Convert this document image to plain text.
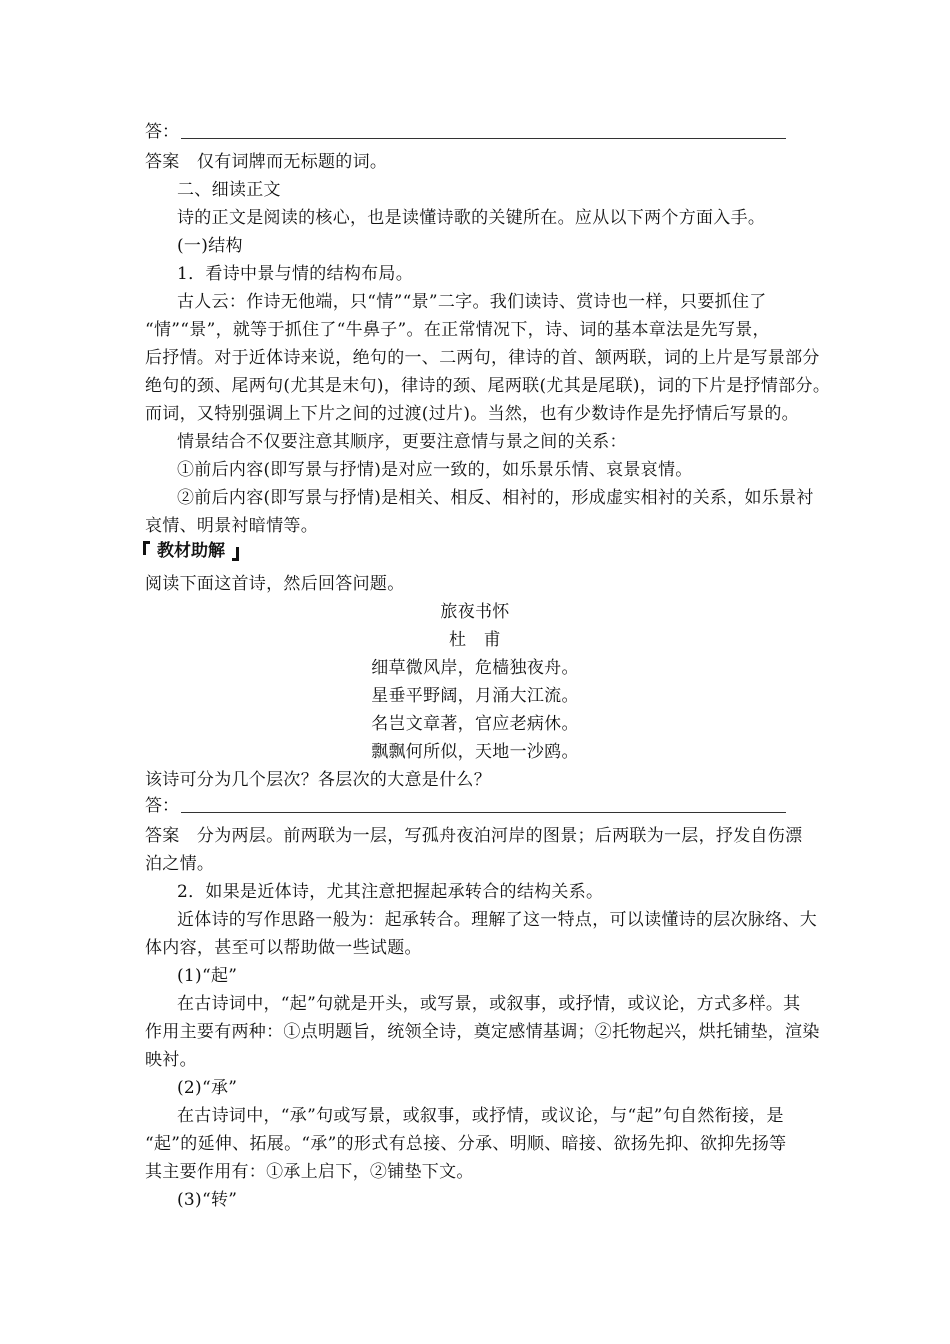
答：
答案　仅有词牌而无标题的词。
二、细读正文
诗的正文是阅读的核心，也是读懂诗歌的关键所在。应从以下两个方面入手。
(一)结构
1．看诗中景与情的结构布局。
古人云：作诗无他端，只“情”“景”二字。我们读诗、赏诗也一样，只要抓住了
“情”“景”，就等于抓住了“牛鼻子”。在正常情况下，诗、词的基本章法是先写景，
后抒情。对于近体诗来说，绝句的一、二两句，律诗的首、颔两联，词的上片是写景部分
绝句的颈、尾两句(尤其是末句)，律诗的颈、尾两联(尤其是尾联)，词的下片是抒情部分。
而词，又特别强调上下片之间的过渡(过片)。当然，也有少数诗作是先抒情后写景的。
情景结合不仅要注意其顺序，更要注意情与景之间的关系：
①前后内容(即写景与抒情)是对应一致的，如乐景乐情、哀景哀情。
②前后内容(即写景与抒情)是相关、相反、相衬的，形成虚实相衬的关系，如乐景衬
哀情、明景衬暗情等。
教材助解
阅读下面这首诗，然后回答问题。
旅夜书怀
杜　甫
细草微风岸，危樯独夜舟。
星垂平野阔，月涌大江流。
名岂文章著，官应老病休。
飘飘何所似，天地一沙鸥。
该诗可分为几个层次？各层次的大意是什么？
答：
答案　分为两层。前两联为一层，写孤舟夜泊河岸的图景；后两联为一层，抒发自伤漂
泊之情。
2．如果是近体诗，尤其注意把握起承转合的结构关系。
近体诗的写作思路一般为：起承转合。理解了这一特点，可以读懂诗的层次脉络、大
体内容，甚至可以帮助做一些试题。
(1)“起”
在古诗词中，“起”句就是开头，或写景，或叙事，或抒情，或议论，方式多样。其
作用主要有两种：①点明题旨，统领全诗，奠定感情基调；②托物起兴，烘托铺垫，渲染
映衬。
(2)“承”
在古诗词中，“承”句或写景，或叙事，或抒情，或议论，与“起”句自然衔接，是
“起”的延伸、拓展。“承”的形式有总接、分承、明顺、暗接、欲扬先抑、欲抑先扬等
其主要作用有：①承上启下，②铺垫下文。
(3)“转”
